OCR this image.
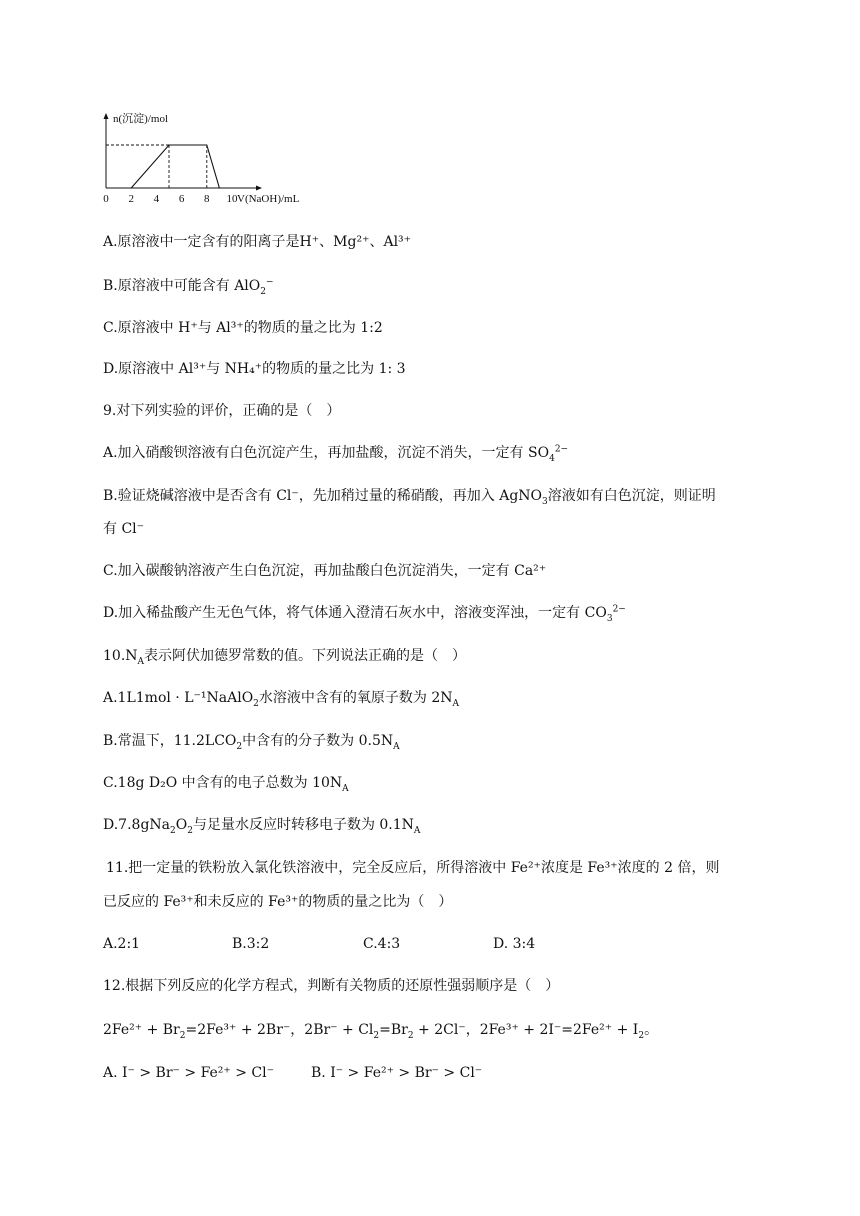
0 2 4 6 8 10
n(沉淀)/mol
V(NaOH)/mL
A.原溶液中一定含有的阳离子是H⁺、Mg²⁺、Al³⁺
B.原溶液中可能含有 AlO$_2$−
C.原溶液中 H⁺与 Al³⁺的物质的量之比为 1:2
D.原溶液中 Al³⁺与 NH₄⁺的物质的量之比为 1: 3
9.对下列实验的评价，正确的是（　）
A.加入硝酸钡溶液有白色沉淀产生，再加盐酸，沉淀不消失，一定有 $SO_4^{2-}$
B.验证烧碱溶液中是否含有 Cl⁻，先加稍过量的稀硝酸，再加入 AgNO$_3$溶液如有白色沉淀，则证明
有 Cl⁻
C.加入碳酸钠溶液产生白色沉淀，再加盐酸白色沉淀消失，一定有 Ca²⁺
D.加入稀盐酸产生无色气体，将气体通入澄清石灰水中，溶液变浑浊，一定有 $CO_3^{2-}$
$10.N_A$表示阿伏加德罗常数的值。下列说法正确的是（　）
A.1L1mol · L⁻¹NaAlO$_2$水溶液中含有的氧原子数为 $2N_A$
B.常温下，$11.2LCO_2$中含有的分子数为 $0.5N_A$
C.18g D₂O 中含有的电子总数为 $10N_A$
$D.7.8gNa_2O_2$与足量水反应时转移电子数为 $0.1N_A$
11.把一定量的铁粉放入氯化铁溶液中，完全反应后，所得溶液中 Fe²⁺浓度是 Fe³⁺浓度的 2 倍，则
已反应的 Fe³⁺和未反应的 Fe³⁺的物质的量之比为（　）
A.2:1	B.3:2	C.4:3	D. 3:4
12.根据下列反应的化学方程式，判断有关物质的还原性强弱顺序是（　）
$2Fe^{2+} + Br_2=2Fe^{3+} + 2Br^-$，$2Br^- + Cl_2=Br_2 + 2Cl^-$，$2Fe^{3+} + 2I^-=2Fe^{2+} + I_2$。
A. I⁻ > Br⁻ > Fe²⁺ > Cl⁻	B. I⁻ > Fe²⁺ > Br⁻ > Cl⁻
